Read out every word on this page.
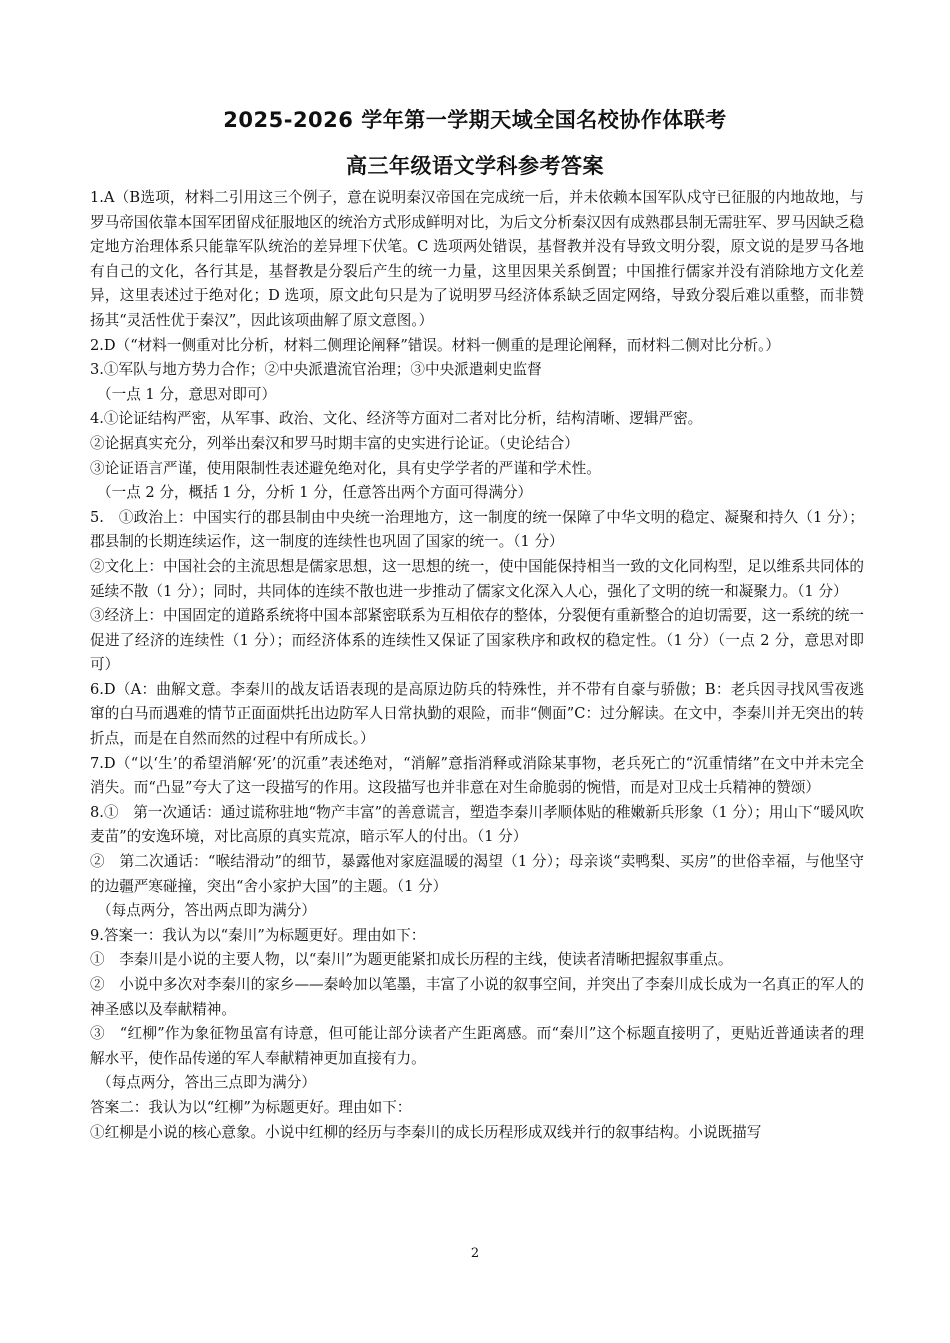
2025-2026 学年第一学期天域全国名校协作体联考
高三年级语文学科参考答案

1.A（B选项，材料二引用这三个例子，意在说明秦汉帝国在完成统一后，并未依赖本国军队戍守已征服的内地故地，与罗马帝国依靠本国军团留戍征服地区的统治方式形成鲜明对比，为后文分析秦汉因有成熟郡县制无需驻军、罗马因缺乏稳定地方治理体系只能靠军队统治的差异埋下伏笔。C 选项两处错误，基督教并没有导致文明分裂，原文说的是罗马各地有自己的文化，各行其是，基督教是分裂后产生的统一力量，这里因果关系倒置；中国推行儒家并没有消除地方文化差异，这里表述过于绝对化；D 选项，原文此句只是为了说明罗马经济体系缺乏固定网络，导致分裂后难以重整，而非赞扬其“灵活性优于秦汉”，因此该项曲解了原文意图。）

2.D（“材料一侧重对比分析，材料二侧理论阐释”错误。材料一侧重的是理论阐释，而材料二侧对比分析。）

3.①军队与地方势力合作；②中央派遣流官治理；③中央派遣刺史监督

（一点 1 分，意思对即可）

4.①论证结构严密，从军事、政治、文化、经济等方面对二者对比分析，结构清晰、逻辑严密。

②论据真实充分，列举出秦汉和罗马时期丰富的史实进行论证。（史论结合）

③论证语言严谨，使用限制性表述避免绝对化，具有史学学者的严谨和学术性。

（一点 2 分，概括 1 分，分析 1 分，任意答出两个方面可得满分）

5.　①政治上：中国实行的郡县制由中央统一治理地方，这一制度的统一保障了中华文明的稳定、凝聚和持久（1 分）；郡县制的长期连续运作，这一制度的连续性也巩固了国家的统一。（1 分）

②文化上：中国社会的主流思想是儒家思想，这一思想的统一，使中国能保持相当一致的文化同构型，足以维系共同体的延续不散（1 分）；同时，共同体的连续不散也进一步推动了儒家文化深入人心，强化了文明的统一和凝聚力。（1 分）

③经济上：中国固定的道路系统将中国本部紧密联系为互相依存的整体，分裂便有重新整合的迫切需要，这一系统的统一促进了经济的连续性（1 分）；而经济体系的连续性又保证了国家秩序和政权的稳定性。（1 分）（一点 2 分，意思对即可）

6.D（A：曲解文意。李秦川的战友话语表现的是高原边防兵的特殊性，并不带有自豪与骄傲；B：老兵因寻找风雪夜逃窜的白马而遇难的情节正面面烘托出边防军人日常执勤的艰险，而非“侧面”C：过分解读。在文中，李秦川并无突出的转折点，而是在自然而然的过程中有所成长。）

7.D（“以‘生’的希望消解‘死’的沉重”表述绝对，“消解”意指消释或消除某事物，老兵死亡的“沉重情绪”在文中并未完全消失。而“凸显”夸大了这一段描写的作用。这段描写也并非意在对生命脆弱的惋惜，而是对卫戍士兵精神的赞颂）

8.①　第一次通话：通过谎称驻地“物产丰富”的善意谎言，塑造李秦川孝顺体贴的稚嫩新兵形象（1 分）；用山下“暖风吹麦苗”的安逸环境，对比高原的真实荒凉，暗示军人的付出。（1 分）

②　第二次通话：“喉结滑动”的细节，暴露他对家庭温暖的渴望（1 分）；母亲谈“卖鸭梨、买房”的世俗幸福，与他坚守的边疆严寒碰撞，突出“舍小家护大国”的主题。（1 分）

（每点两分，答出两点即为满分）

9.答案一：我认为以“秦川”为标题更好。理由如下：

①　李秦川是小说的主要人物，以“秦川”为题更能紧扣成长历程的主线，使读者清晰把握叙事重点。

②　小说中多次对李秦川的家乡——秦岭加以笔墨，丰富了小说的叙事空间，并突出了李秦川成长成为一名真正的军人的神圣感以及奉献精神。

③　“红柳”作为象征物虽富有诗意，但可能让部分读者产生距离感。而“秦川”这个标题直接明了，更贴近普通读者的理解水平，使作品传递的军人奉献精神更加直接有力。

（每点两分，答出三点即为满分）

答案二：我认为以“红柳”为标题更好。理由如下：

①红柳是小说的核心意象。小说中红柳的经历与李秦川的成长历程形成双线并行的叙事结构。小说既描写

2
